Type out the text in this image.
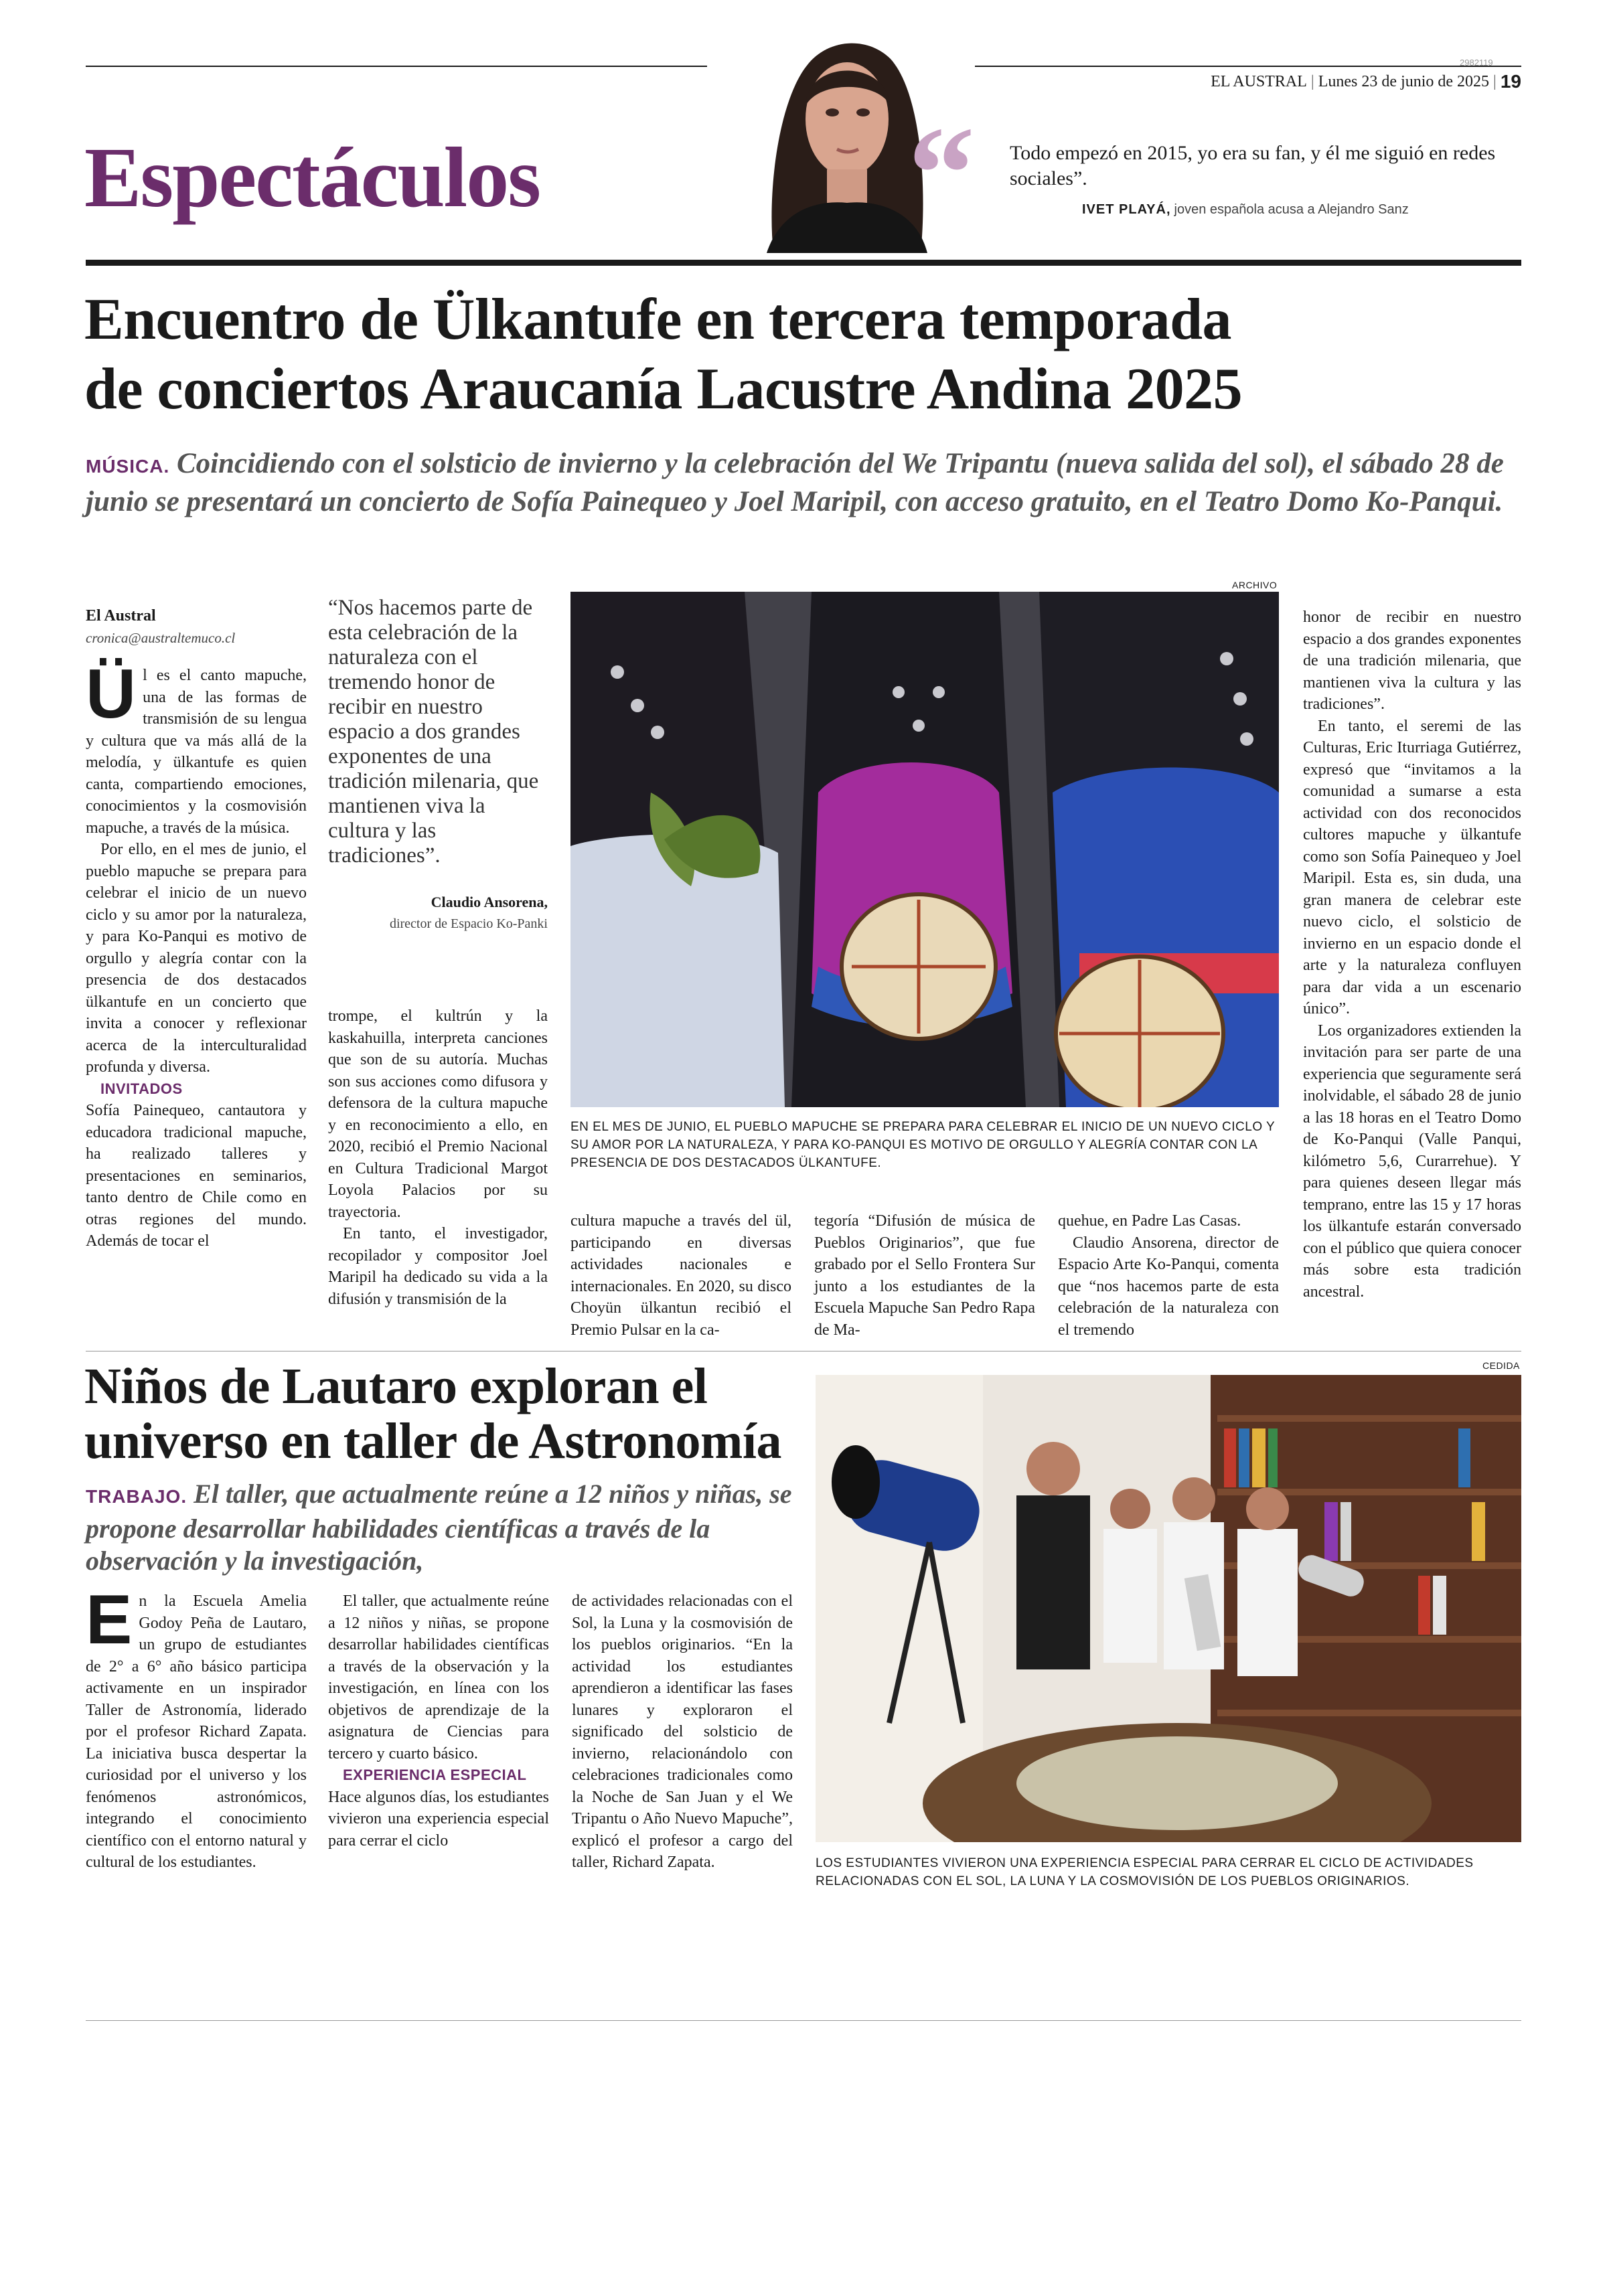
2982119
EL AUSTRAL | Lunes 23 de junio de 2025 | 19
Espectáculos	“ Todo empezó en 2015, yo era su fan, y él me siguió en redes sociales”.
IVET PLAYÁ, joven española acusa a Alejandro Sanz
Encuentro de Ülkantufe en tercera temporada
de conciertos Araucanía Lacustre Andina 2025
MÚSICA. Coincidiendo con el solsticio de invierno y la celebración del We Tripantu (nueva salida del sol), el sábado 28 de junio se presentará un concierto de Sofía Painequeo y Joel Maripil, con acceso gratuito, en el Teatro Domo Ko-Panqui.

El Austral

cronica@australtemuco.cl

Ül es el canto mapuche, una de las formas de transmisión de su lengua y cultura que va más allá de la melodía, y ülkantufe es quien canta, compartiendo emociones, conocimientos y la cosmovisión mapuche, a través de la música.

Por ello, en el mes de junio, el pueblo mapuche se prepara para celebrar el inicio de un nuevo ciclo y su amor por la naturaleza, y para Ko-Panqui es motivo de orgullo y alegría contar con la presencia de dos destacados ülkantufe en un concierto que invita a conocer y reflexionar acerca de la interculturalidad profunda y diversa.

INVITADOS

Sofía Painequeo, cantautora y educadora tradicional mapuche, ha realizado talleres y presentaciones en seminarios, tanto dentro de Chile como en otras regiones del mundo. Además de tocar el

“Nos hacemos parte de esta celebración de la naturaleza con el tremendo honor de recibir en nuestro espacio a dos grandes exponentes de una tradición milenaria, que mantienen viva la cultura y las tradiciones”.
Claudio Ansorena,
director de Espacio Ko-Panki

trompe, el kultrún y la kaskahuilla, interpreta canciones que son de su autoría. Muchas son sus acciones como difusora y defensora de la cultura mapuche y en reconocimiento a ello, en 2020, recibió el Premio Nacional en Cultura Tradicional Margot Loyola Palacios por su trayectoria.

En tanto, el investigador, recopilador y compositor Joel Maripil ha dedicado su vida a la difusión y transmisión de la

ARCHIVO
EN EL MES DE JUNIO, EL PUEBLO MAPUCHE SE PREPARA PARA CELEBRAR EL INICIO DE UN NUEVO CICLO Y SU AMOR POR LA NATURALEZA, Y PARA KO-PANQUI ES MOTIVO DE ORGULLO Y ALEGRÍA CONTAR CON LA PRESENCIA DE DOS DESTACADOS ÜLKANTUFE.

cultura mapuche a través del ül, participando en diversas actividades nacionales e internacionales. En 2020, su disco Choyün ülkantun recibió el Premio Pulsar en la ca-

tegoría “Difusión de música de Pueblos Originarios”, que fue grabado por el Sello Frontera Sur junto a los estudiantes de la Escuela Mapuche San Pedro Rapa de Ma-

quehue, en Padre Las Casas.

Claudio Ansorena, director de Espacio Arte Ko-Panqui, comenta que “nos hacemos parte de esta celebración de la naturaleza con el tremendo

honor de recibir en nuestro espacio a dos grandes exponentes de una tradición milenaria, que mantienen viva la cultura y las tradiciones”.

En tanto, el seremi de las Culturas, Eric Iturriaga Gutiérrez, expresó que “invitamos a la comunidad a sumarse a esta actividad con dos reconocidos cultores mapuche y ülkantufe como son Sofía Painequeo y Joel Maripil. Esta es, sin duda, una gran manera de celebrar este nuevo ciclo, el solsticio de invierno en un espacio donde el arte y la naturaleza confluyen para dar vida a un escenario único”.

Los organizadores extienden la invitación para ser parte de una experiencia que seguramente será inolvidable, el sábado 28 de junio a las 18 horas en el Teatro Domo de Ko-Panqui (Valle Panqui, kilómetro 5,6, Curarrehue). Y para quienes deseen llegar más temprano, entre las 15 y 17 horas los ülkantufe estarán conversado con el público que quiera conocer más sobre esta tradición ancestral.

Niños de Lautaro exploran el
universo en taller de Astronomía
TRABAJO. El taller, que actualmente reúne a 12 niños y niñas, se propone desarrollar habilidades científicas a través de la observación y la investigación,

En la Escuela Amelia Godoy Peña de Lautaro, un grupo de estudiantes de 2° a 6° año básico participa activamente en un inspirador Taller de Astronomía, liderado por el profesor Richard Zapata. La iniciativa busca despertar la curiosidad por el universo y los fenómenos astronómicos, integrando el conocimiento científico con el entorno natural y cultural de los estudiantes.

El taller, que actualmente reúne a 12 niños y niñas, se propone desarrollar habilidades científicas a través de la observación y la investigación, en línea con los objetivos de aprendizaje de la asignatura de Ciencias para tercero y cuarto básico.

EXPERIENCIA ESPECIAL

Hace algunos días, los estudiantes vivieron una experiencia especial para cerrar el ciclo

de actividades relacionadas con el Sol, la Luna y la cosmovisión de los pueblos originarios. “En la actividad los estudiantes aprendieron a identificar las fases lunares y exploraron el significado del solsticio de invierno, relacionándolo con celebraciones tradicionales como la Noche de San Juan y el We Tripantu o Año Nuevo Mapuche”, explicó el profesor a cargo del taller, Richard Zapata.

CEDIDA
LOS ESTUDIANTES VIVIERON UNA EXPERIENCIA ESPECIAL PARA CERRAR EL CICLO DE ACTIVIDADES RELACIONADAS CON EL SOL, LA LUNA Y LA COSMOVISIÓN DE LOS PUEBLOS ORIGINARIOS.
